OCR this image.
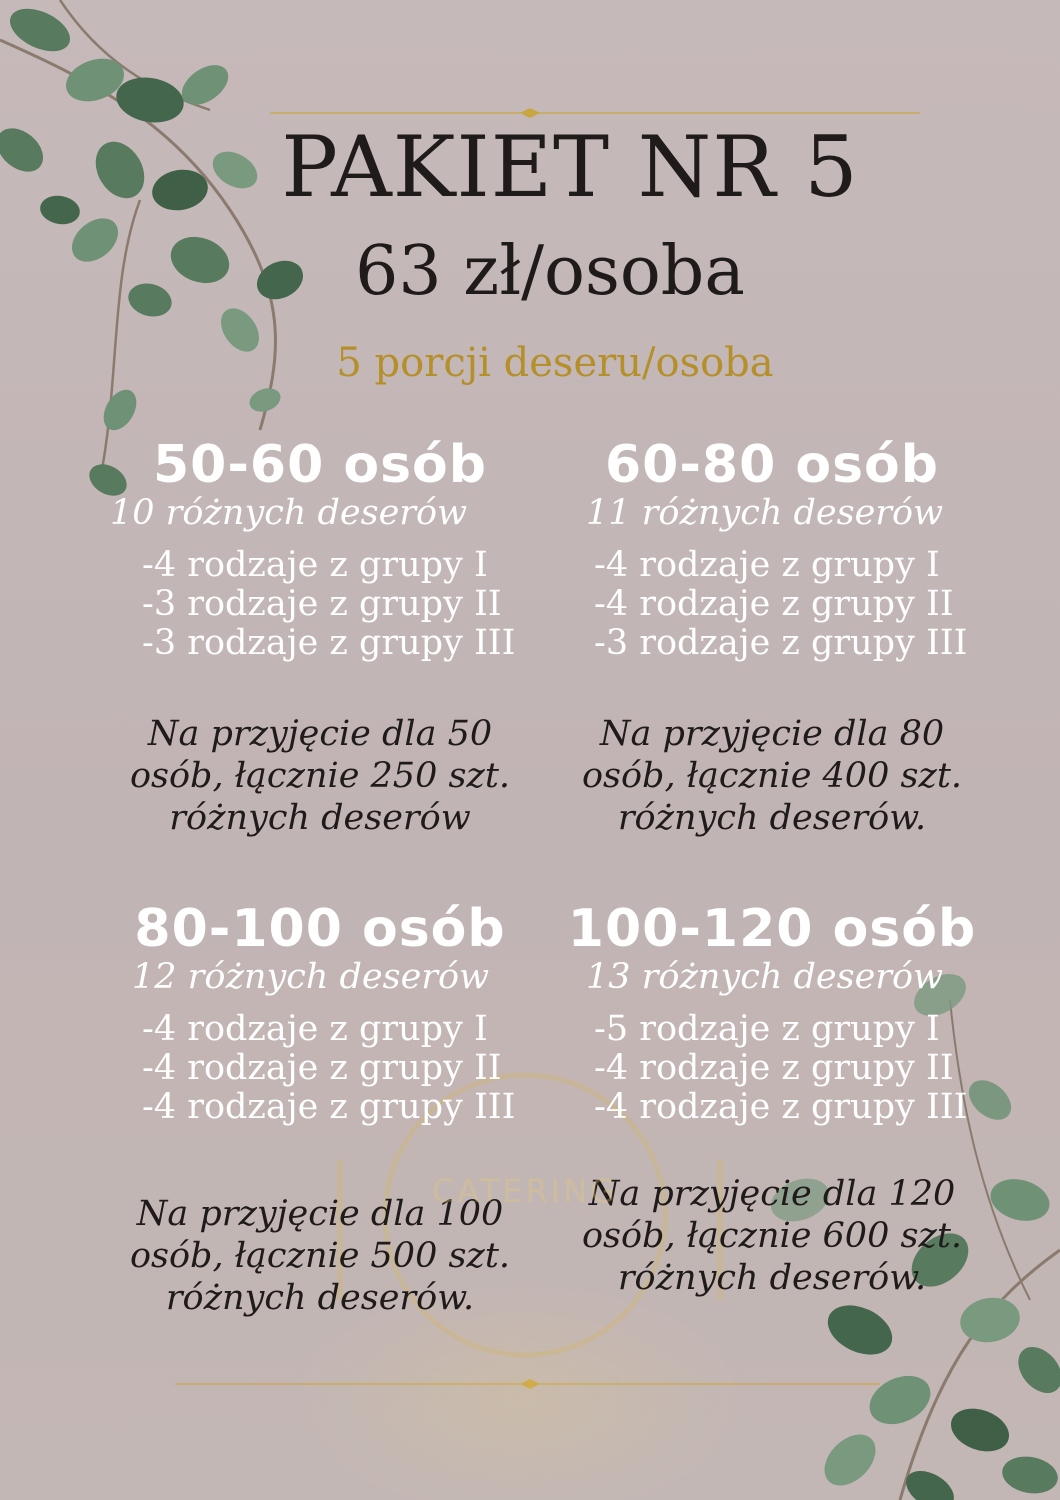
PAKIET NR 5
63 zł/osoba
5 porcji deseru/osoba
50-60 osób
10 różnych deserów
-4 rodzaje z grupy I
-3 rodzaje z grupy II
-3 rodzaje z grupy III
Na przyjęcie dla 50
osób, łącznie 250 szt.
różnych deserów
60-80 osób
11 różnych deserów
-4 rodzaje z grupy I
-4 rodzaje z grupy II
-3 rodzaje z grupy III
Na przyjęcie dla 80
osób, łącznie 400 szt.
różnych deserów.
80-100 osób
12 różnych deserów
-4 rodzaje z grupy I
-4 rodzaje z grupy II
-4 rodzaje z grupy III
Na przyjęcie dla 100
osób, łącznie 500 szt.
różnych deserów.
100-120 osób
13 różnych deserów
-5 rodzaje z grupy I
-4 rodzaje z grupy II
-4 rodzaje z grupy III
Na przyjęcie dla 120
osób, łącznie 600 szt.
różnych deserów.
CATERING
